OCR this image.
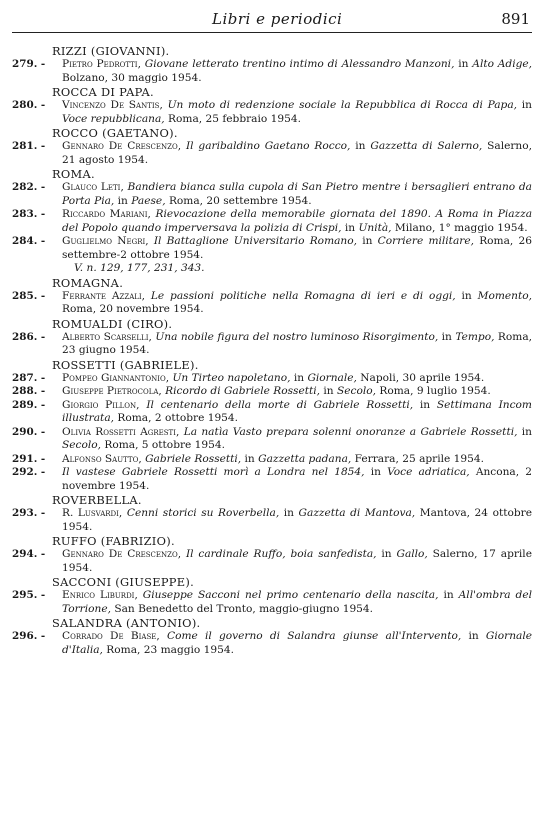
Libri e periodici	891
RIZZI (GIOVANNI).
279. -	Pietro Pedrotti, Giovane letterato trentino intimo di Alessandro Manzoni, in Alto Adige, Bolzano, 30 maggio 1954.
ROCCA DI PAPA.
280. -	Vincenzo De Santis, Un moto di redenzione sociale la Repubblica di Rocca di Papa, in Voce repubblicana, Roma, 25 febbraio 1954.
ROCCO (GAETANO).
281. -	Gennaro De Crescenzo, Il garibaldino Gaetano Rocco, in Gazzetta di Salerno, Salerno, 21 agosto 1954.
ROMA.
282. -	Glauco Leti, Bandiera bianca sulla cupola di San Pietro mentre i bersaglieri entrano da Porta Pia, in Paese, Roma, 20 settembre 1954.
283. -	Riccardo Mariani, Rievocazione della memorabile giornata del 1890. A Roma in Piazza del Popolo quando imperversava la polizia di Crispi, in Unità, Milano, 1° maggio 1954.
284. -	Guglielmo Negri, Il Battaglione Universitario Romano, in Corriere militare, Roma, 26 settembre-2 ottobre 1954.
V. n. 129, 177, 231, 343.
ROMAGNA.
285. -	Ferrante Azzali, Le passioni politiche nella Romagna di ieri e di oggi, in Momento, Roma, 20 novembre 1954.
ROMUALDI (CIRO).
286. -	Alberto Scarselli, Una nobile figura del nostro luminoso Risorgimento, in Tempo, Roma, 23 giugno 1954.
ROSSETTI (GABRIELE).
287. -	Pompeo Giannantonio, Un Tirteo napoletano, in Giornale, Napoli, 30 aprile 1954.
288. -	Giuseppe Pietrocola, Ricordo di Gabriele Rossetti, in Secolo, Roma, 9 luglio 1954.
289. -	Giorgio Pillon, Il centenario della morte di Gabriele Rossetti, in Settimana Incom illustrata, Roma, 2 ottobre 1954.
290. -	Olivia Rossetti Agresti, La natìa Vasto prepara solenni onoranze a Gabriele Rossetti, in Secolo, Roma, 5 ottobre 1954.
291. -	Alfonso Sautto, Gabriele Rossetti, in Gazzetta padana, Ferrara, 25 aprile 1954.
292. -	Il vastese Gabriele Rossetti morì a Londra nel 1854, in Voce adriatica, Ancona, 2 novembre 1954.
ROVERBELLA.
293. -	R. Lusvardi, Cenni storici su Roverbella, in Gazzetta di Mantova, Mantova, 24 ottobre 1954.
RUFFO (FABRIZIO).
294. -	Gennaro De Crescenzo, Il cardinale Ruffo, boia sanfedista, in Gallo, Salerno, 17 aprile 1954.
SACCONI (GIUSEPPE).
295. -	Enrico Liburdi, Giuseppe Sacconi nel primo centenario della nascita, in All'ombra del Torrione, San Benedetto del Tronto, maggio-giugno 1954.
SALANDRA (ANTONIO).
296. -	Corrado De Biase, Come il governo di Salandra giunse all'Intervento, in Giornale d'Italia, Roma, 23 maggio 1954.
